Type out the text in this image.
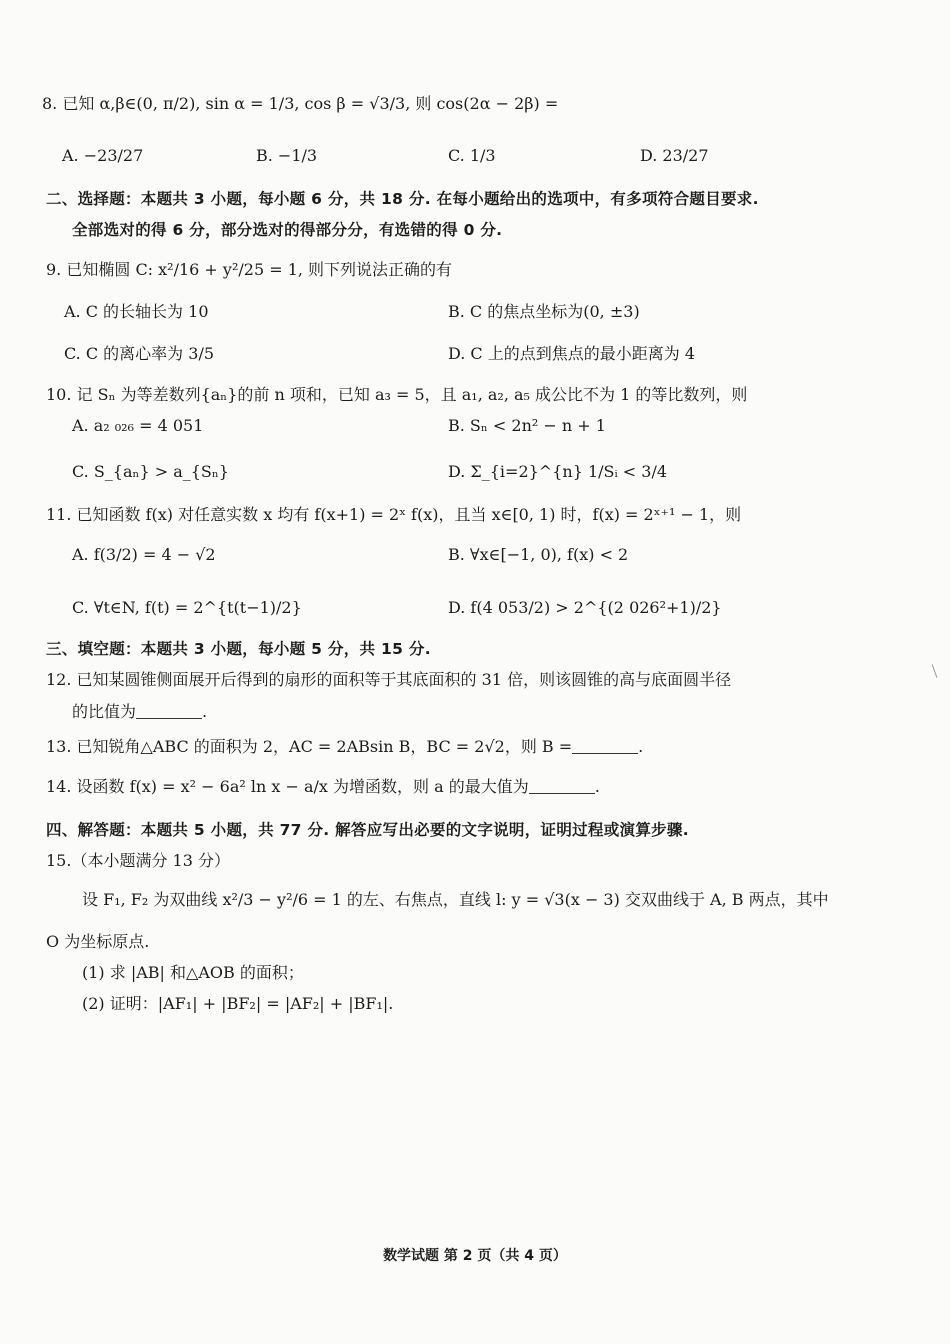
8. 已知 α,β∈(0, π/2), sin α = 1/3, cos β = √3/3, 则 cos(2α − 2β) =
A. −23/27	B. −1/3	C. 1/3	D. 23/27
二、选择题：本题共 3 小题，每小题 6 分，共 18 分. 在每小题给出的选项中，有多项符合题目要求.
全部选对的得 6 分，部分选对的得部分分，有选错的得 0 分.
9. 已知椭圆 C: x²/16 + y²/25 = 1, 则下列说法正确的有
A. C 的长轴长为 10	B. C 的焦点坐标为(0, ±3)
C. C 的离心率为 3/5	D. C 上的点到焦点的最小距离为 4
10. 记 Sₙ 为等差数列{aₙ}的前 n 项和，已知 a₃ = 5，且 a₁, a₂, a₅ 成公比不为 1 的等比数列，则
A. a₂ ₀₂₆ = 4 051	B. Sₙ < 2n² − n + 1
C. S_{aₙ} > a_{Sₙ}	D. Σ_{i=2}^{n} 1/Sᵢ < 3/4
11. 已知函数 f(x) 对任意实数 x 均有 f(x+1) = 2ˣ f(x)，且当 x∈[0, 1) 时，f(x) = 2ˣ⁺¹ − 1，则
A. f(3/2) = 4 − √2	B. ∀x∈[−1, 0), f(x) < 2
C. ∀t∈N, f(t) = 2^{t(t−1)/2}	D. f(4 053/2) > 2^{(2 026²+1)/2}
三、填空题：本题共 3 小题，每小题 5 分，共 15 分.
12. 已知某圆锥侧面展开后得到的扇形的面积等于其底面积的 31 倍，则该圆锥的高与底面圆半径
的比值为	.
13. 已知锐角△ABC 的面积为 2，AC = 2ABsin B，BC = 2√2，则 B =	.
14. 设函数 f(x) = x² − 6a² ln x − a/x 为增函数，则 a 的最大值为	.
四、解答题：本题共 5 小题，共 77 分. 解答应写出必要的文字说明，证明过程或演算步骤.
15.（本小题满分 13 分）
设 F₁, F₂ 为双曲线 x²/3 − y²/6 = 1 的左、右焦点，直线 l: y = √3(x − 3) 交双曲线于 A, B 两点，其中
O 为坐标原点.
(1) 求 |AB| 和△AOB 的面积；
(2) 证明：|AF₁| + |BF₂| = |AF₂| + |BF₁|.
数学试题 第 2 页（共 4 页）
